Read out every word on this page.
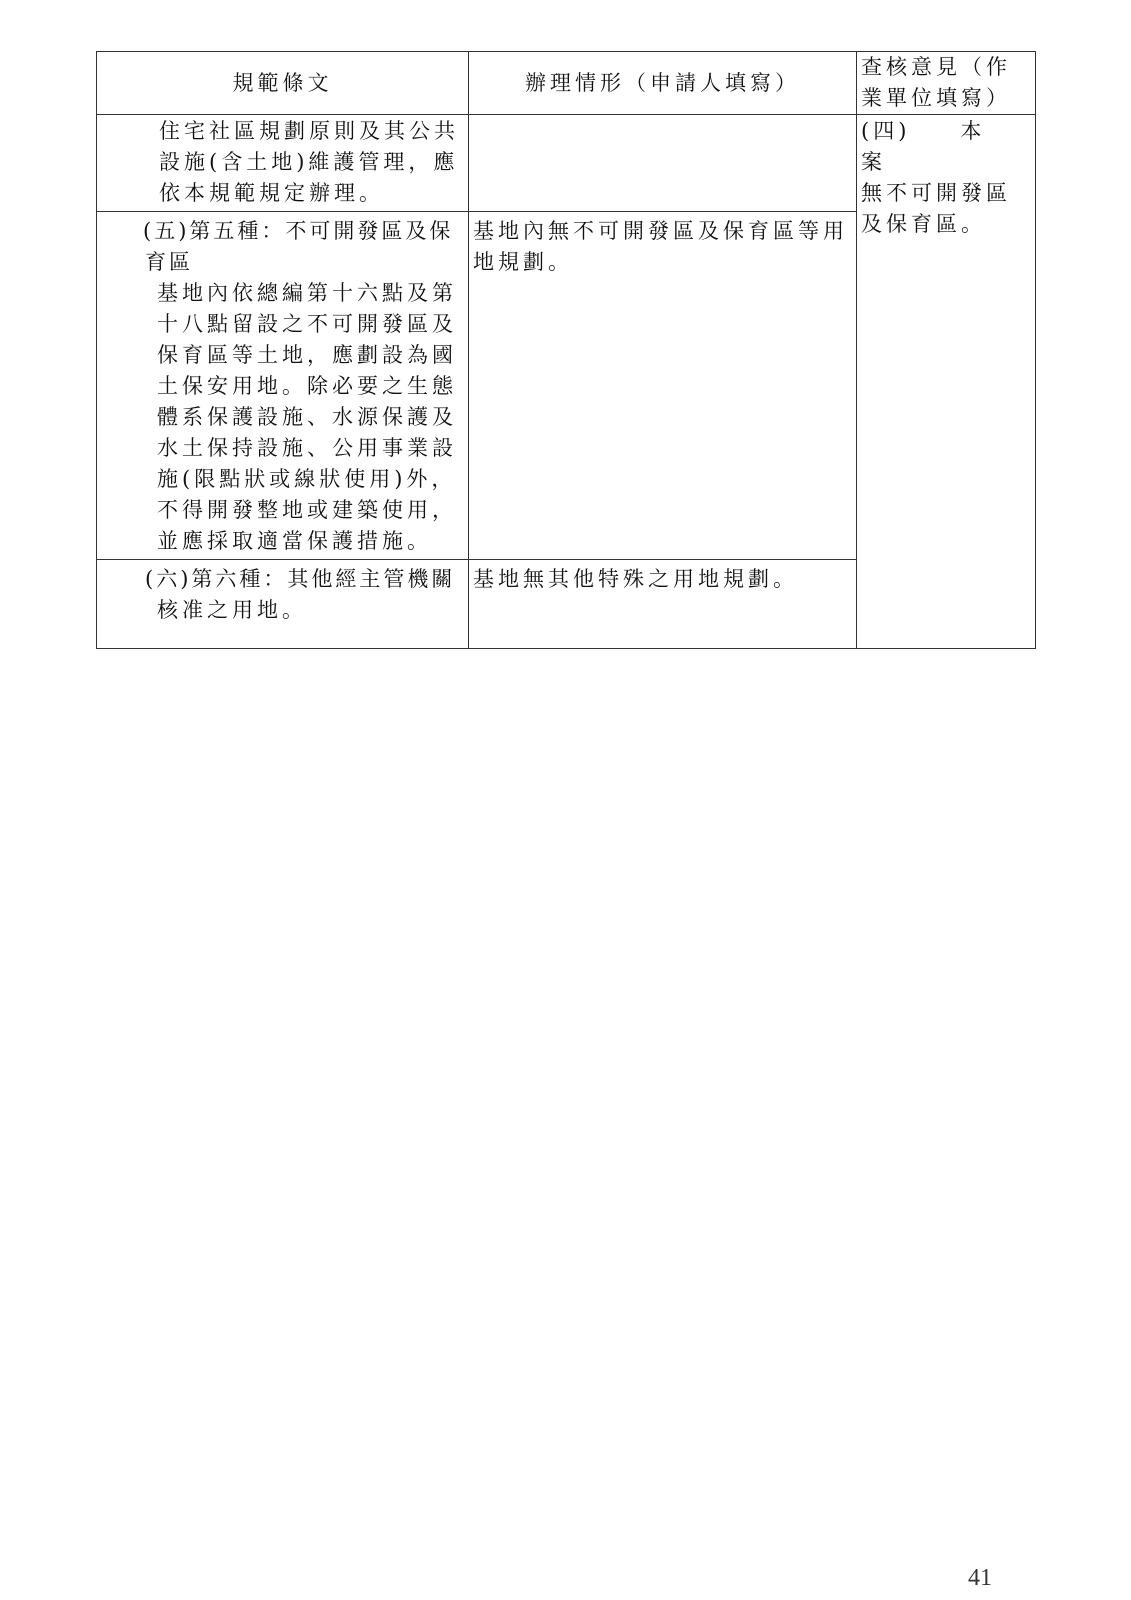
規範條文	辦理情形（申請人填寫）	查核意見（作業單位填寫）
住宅社區規劃原則及其公共設施(含土地)維護管理，應依本規範規定辦理。		(四)　　本　案
無不可開發區及保育區。

(五)第五種：不可開發區及保育區
基地內依總編第十六點及第十八點留設之不可開發區及保育區等土地，應劃設為國土保安用地。除必要之生態體系保護設施、水源保護及水土保持設施、公用事業設施(限點狀或線狀使用)外，不得開發整地或建築使用，並應採取適當保護措施。	基地內無不可開發區及保育區等用地規劃。	

(六)第六種：其他經主管機關
核准之用地。	基地無其他特殊之用地規劃。	
41
